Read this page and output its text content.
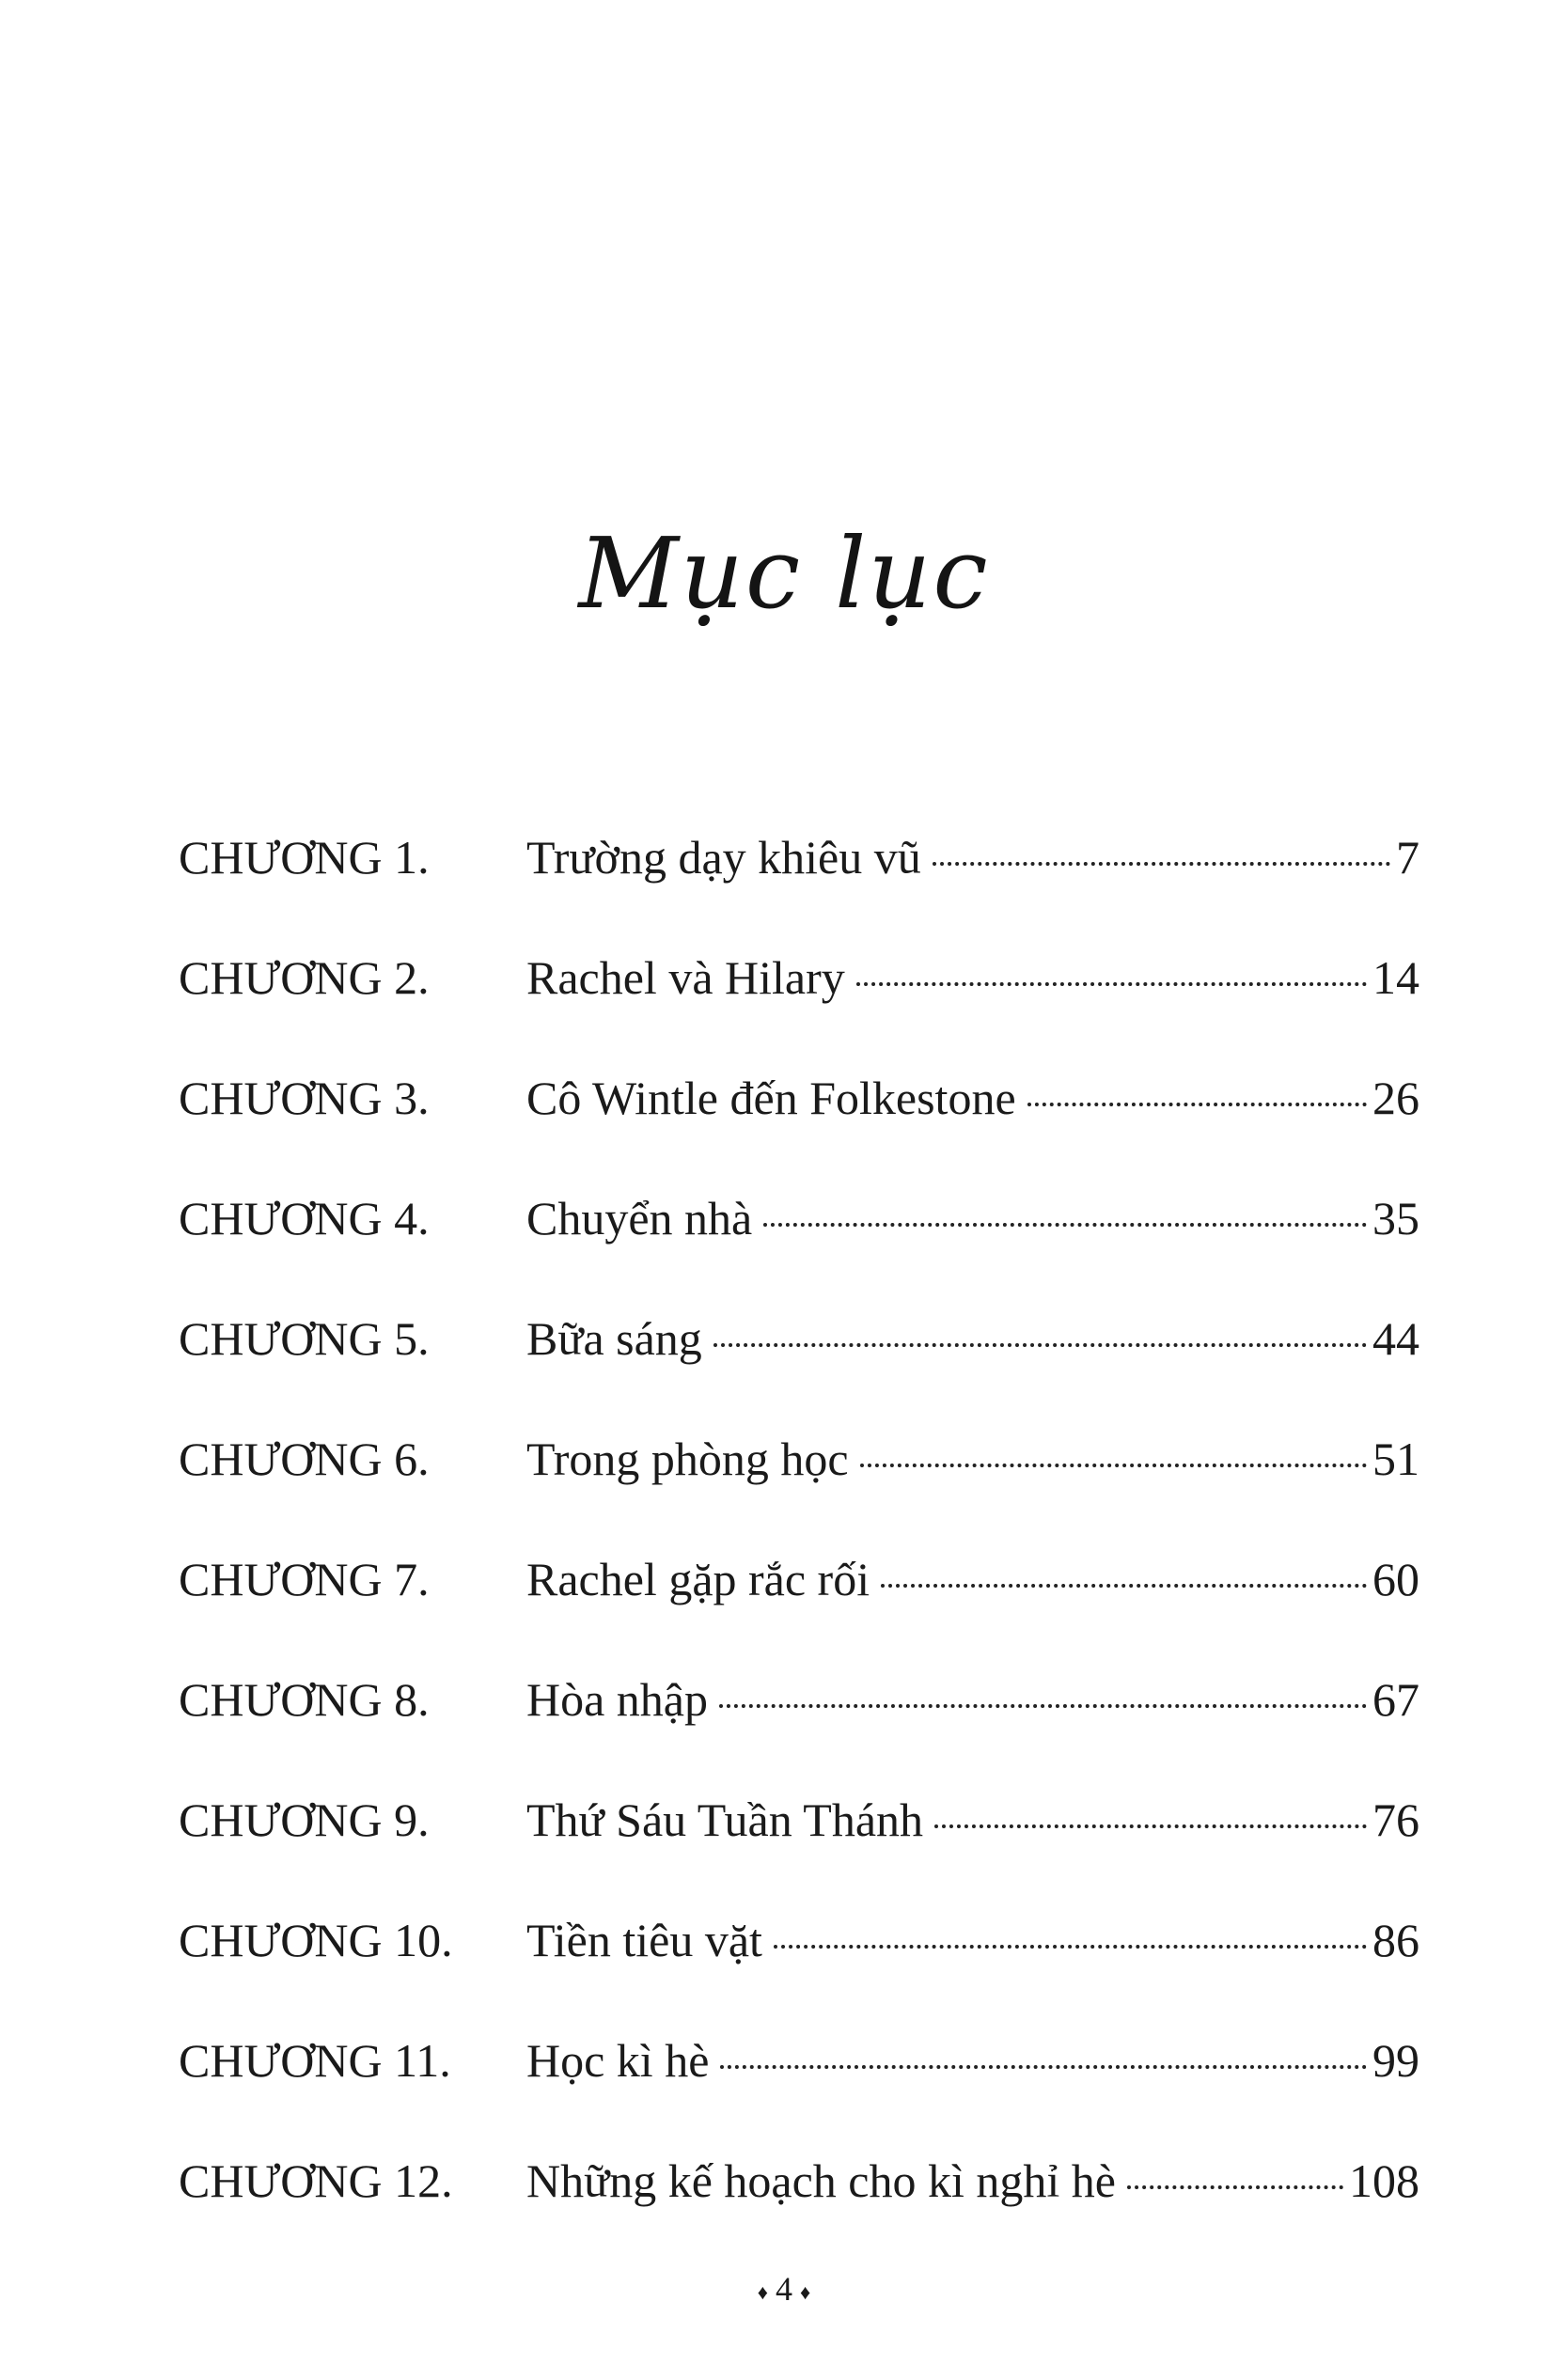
Mục lục
CHƯƠNG 1.	Trường dạy khiêu vũ	7
CHƯƠNG 2.	Rachel và Hilary	14
CHƯƠNG 3.	Cô Wintle đến Folkestone	26
CHƯƠNG 4.	Chuyển nhà	35
CHƯƠNG 5.	Bữa sáng	44
CHƯƠNG 6.	Trong phòng học	51
CHƯƠNG 7.	Rachel gặp rắc rối	60
CHƯƠNG 8.	Hòa nhập	67
CHƯƠNG 9.	Thứ Sáu Tuần Thánh	76
CHƯƠNG 10.	Tiền tiêu vặt	86
CHƯƠNG 11.	Học kì hè	99
CHƯƠNG 12.	Những kế hoạch cho kì nghỉ hè	108
♦ 4 ♦
